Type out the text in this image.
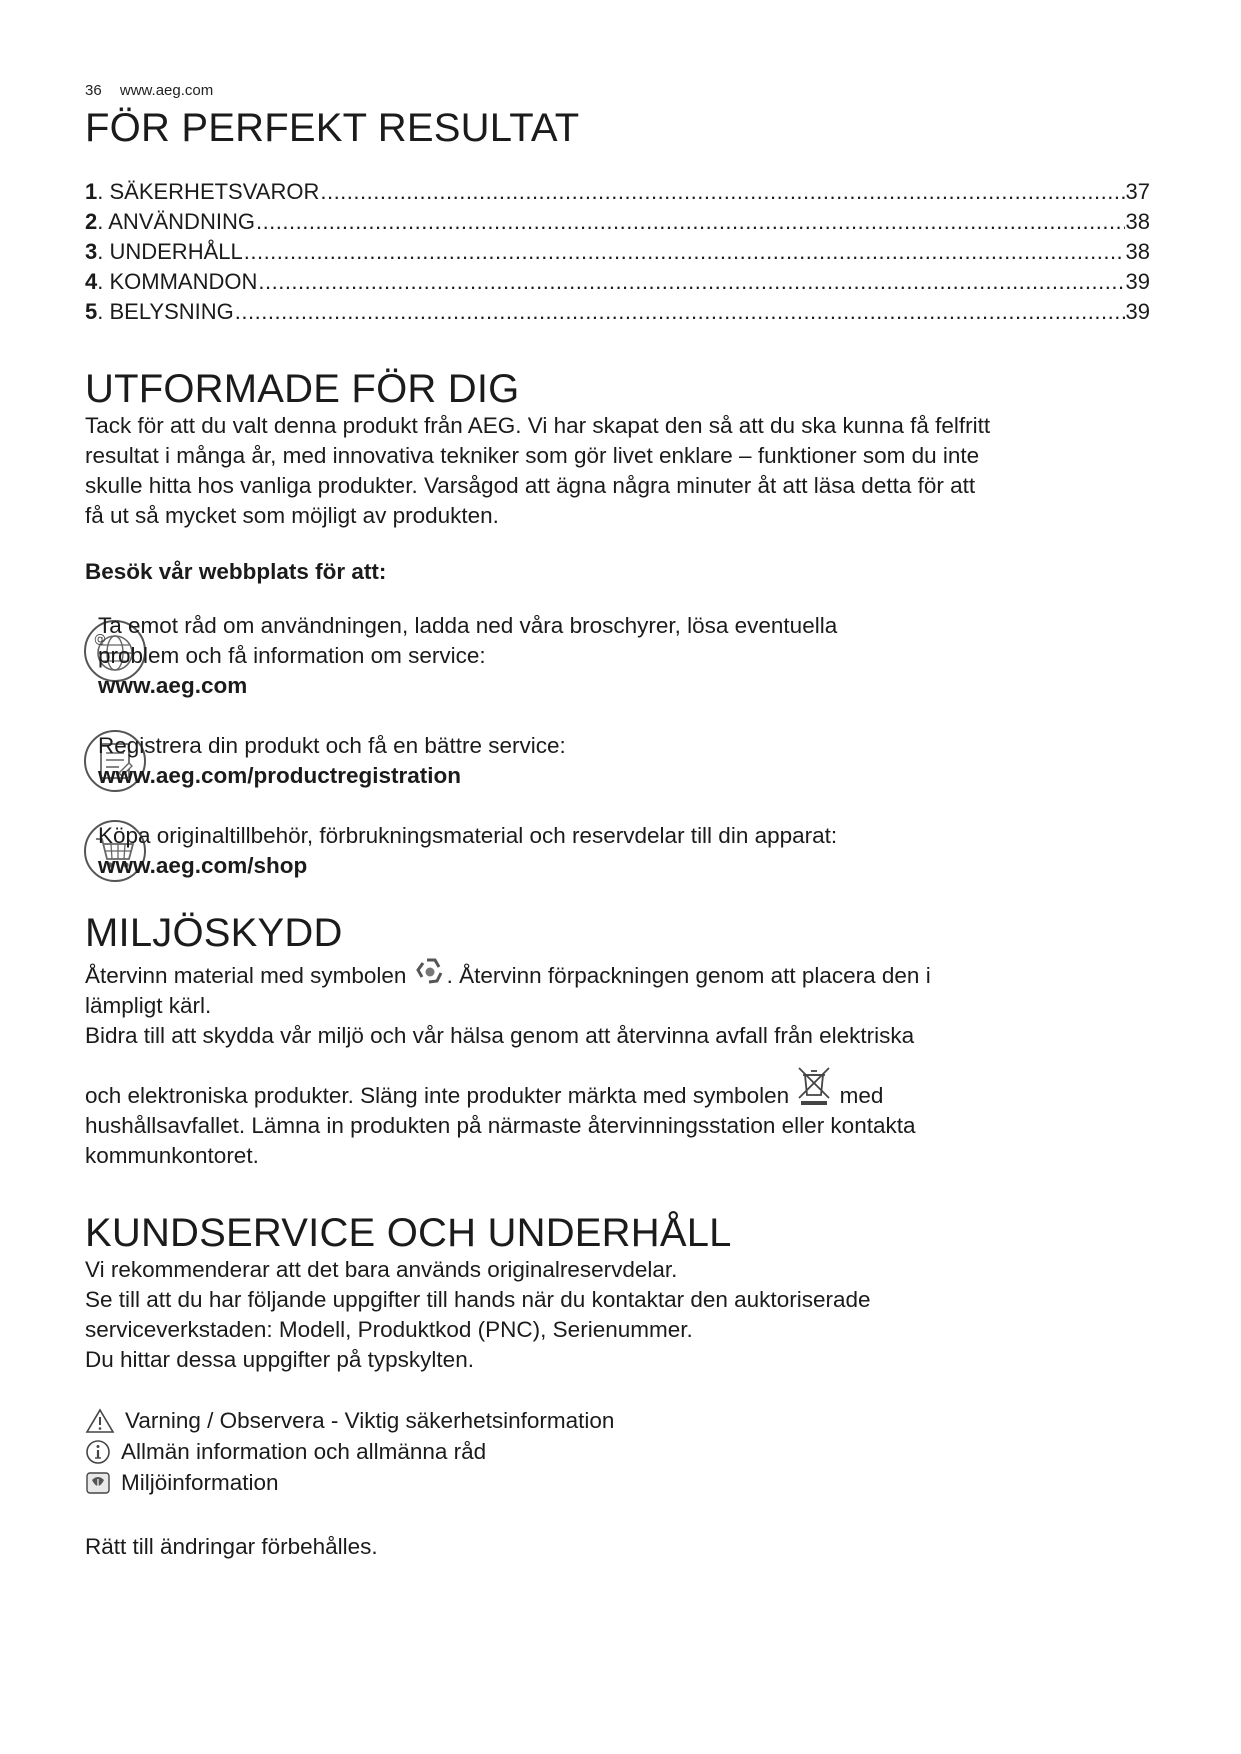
36 www.aeg.com
FÖR PERFEKT RESULTAT
1 . SÄKERHETSVAROR .....	37
2 . ANVÄNDNING .....	38
3 . UNDERHÅLL .....	38
4 . KOMMANDON .....	39
5 . BELYSNING .....	39
UTFORMADE FÖR DIG

Tack för att du valt denna produkt från AEG. Vi har skapat den så att du ska kunna få felfritt

resultat i många år, med innovativa tekniker som gör livet enklare – funktioner som du inte

skulle hitta hos vanliga produkter. Varsågod att ägna några minuter åt att läsa detta för att

få ut så mycket som möjligt av produkten.

Besök vår webbplats för att:

@

Ta emot råd om användningen, ladda ned våra broschyrer, lösa eventuella

problem och få information om service:

www.aeg.com

Registrera din produkt och få en bättre service:

www.aeg.com/productregistration

Köpa originaltillbehör, förbrukningsmaterial och reservdelar till din apparat:

www.aeg.com/shop

MILJÖSKYDD

Återvinn material med symbolen . Återvinn förpackningen genom att placera den i

lämpligt kärl.

Bidra till att skydda vår miljö och vår hälsa genom att återvinna avfall från elektriska

och elektroniska produkter. Släng inte produkter märkta med symbolen  med

hushållsavfallet. Lämna in produkten på närmaste återvinningsstation eller kontakta

kommunkontoret.

KUNDSERVICE OCH UNDERHÅLL

Vi rekommenderar att det bara används originalreservdelar.

Se till att du har följande uppgifter till hands när du kontaktar den auktoriserade

serviceverkstaden: Modell, Produktkod (PNC), Serienummer.

Du hittar dessa uppgifter på typskylten.

Varning / Observera - Viktig säkerhetsinformation
Allmän information och allmänna råd
Miljöinformation

Rätt till ändringar förbehålles.
